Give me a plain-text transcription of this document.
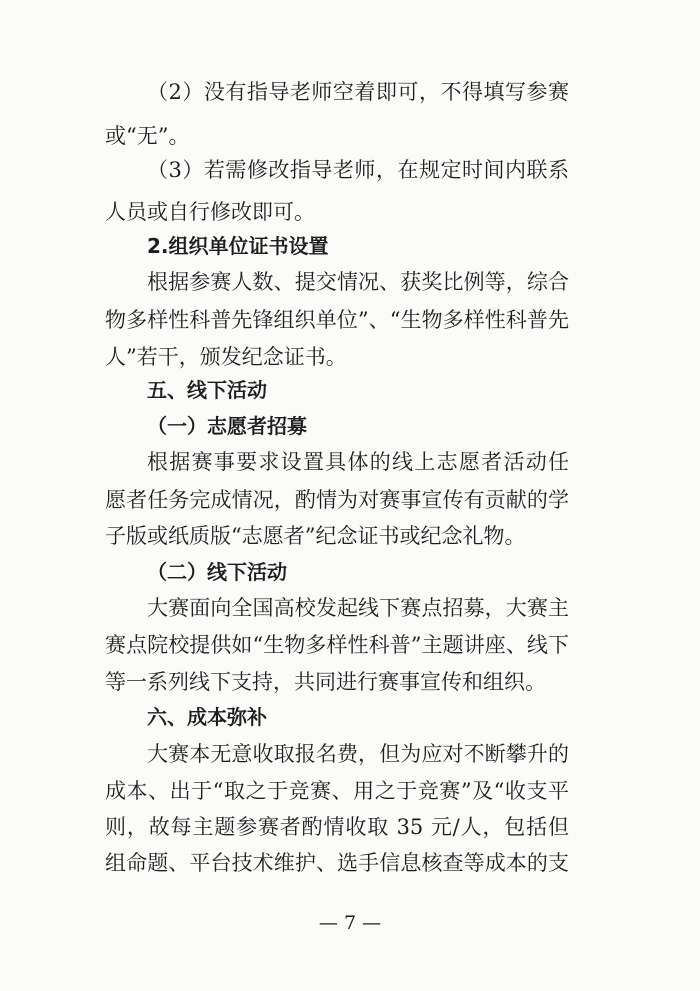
（2）没有指导老师空着即可，不得填写参赛
或“无”。
（3）若需修改指导老师，在规定时间内联系
人员或自行修改即可。
2.组织单位证书设置
根据参赛人数、提交情况、获奖比例等，综合
物多样性科普先锋组织单位”、“生物多样性科普先
人”若干，颁发纪念证书。
五、线下活动
（一）志愿者招募
根据赛事要求设置具体的线上志愿者活动任
愿者任务完成情况，酌情为对赛事宣传有贡献的学
子版或纸质版“志愿者”纪念证书或纪念礼物。
（二）线下活动
大赛面向全国高校发起线下赛点招募，大赛主
赛点院校提供如“生物多样性科普”主题讲座、线下
等一系列线下支持，共同进行赛事宣传和组织。
六、成本弥补
大赛本无意收取报名费，但为应对不断攀升的
成本、出于“取之于竞赛、用之于竞赛”及“收支平
则，故每主题参赛者酌情收取 35 元/人，包括但
组命题、平台技术维护、选手信息核查等成本的支
— 7 —
